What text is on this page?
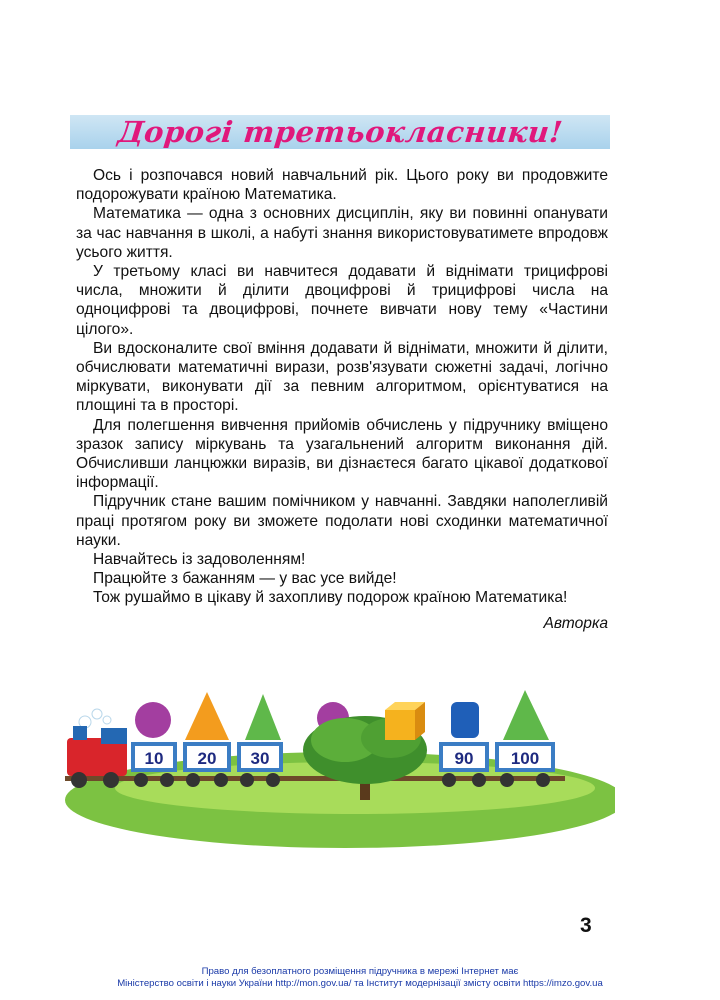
Дорогі третьокласники!

Ось і розпочався новий навчальний рік. Цього року ви продовжите подорожувати країною Математика.

Математика — одна з основних дисциплін, яку ви повинні опанувати за час навчання в школі, а набуті знання використовуватимете впродовж усього життя.

У третьому класі ви навчитеся додавати й віднімати трицифрові числа, множити й ділити двоцифрові й трицифрові числа на одноцифрові та двоцифрові, почнете вивчати нову тему «Частини цілого».

Ви вдосконалите свої вміння додавати й віднімати, множити й ділити, обчислювати математичні вирази, розв'язувати сюжетні задачі, логічно міркувати, виконувати дії за певним алгоритмом, орієнтуватися на площині та в просторі.

Для полегшення вивчення прийомів обчислень у підручнику вміщено зразок запису міркувань та узагальнений алгоритм виконання дій. Обчисливши ланцюжки виразів, ви дізнаєтеся багато цікавої додаткової інформації.

Підручник стане вашим помічником у навчанні. Завдяки наполегливій праці протягом року ви зможете подолати нові сходинки математичної науки.

Навчайтесь із задоволенням!

Працюйте з бажанням — у вас усе вийде!

Тож рушаймо в цікаву й захопливу подорож країною Математика!

Авторка

10 20 30	90 100
3
Право для безоплатного розміщення підручника в мережі Інтернет має
Міністерство освіти і науки України http://mon.gov.ua/ та Інститут модернізації змісту освіти https://imzo.gov.ua
